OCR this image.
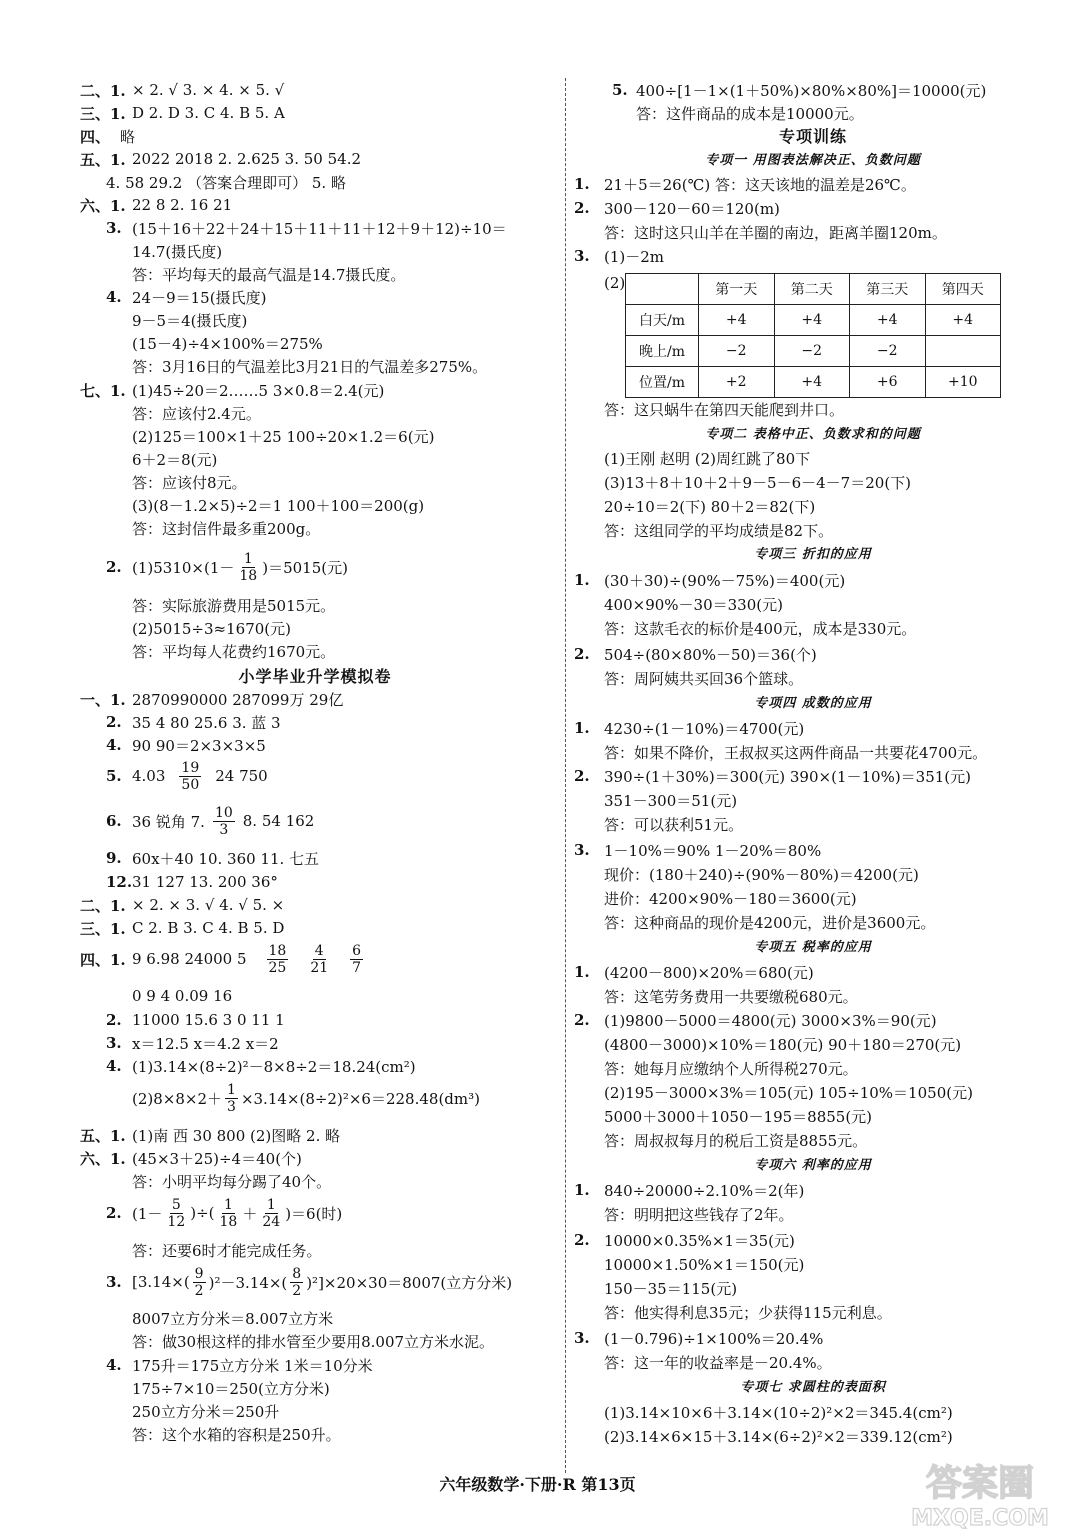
二、1. × 2. √ 3. × 4. × 5. √
三、1. D 2. D 3. C 4. B 5. A
四、 略
五、1. 2022 2018 2. 2.625 3. 50 54.2
4. 58 29.2 （答案合理即可） 5. 略
六、1. 22 8 2. 16 21
3. (15＋16＋22＋24＋15＋11＋11＋12＋9＋12)÷10＝
14.7(摄氏度)
答：平均每天的最高气温是14.7摄氏度。
4. 24－9＝15(摄氏度)
9－5＝4(摄氏度)
(15－4)÷4×100%＝275%
答：3月16日的气温差比3月21日的气温差多275%。
七、1. (1)45÷20＝2……5 3×0.8＝2.4(元)
答：应该付2.4元。
(2)125＝100×1＋25 100÷20×1.2＝6(元)
6＋2＝8(元)
答：应该付8元。
(3)(8－1.2×5)÷2＝1 100＋100＝200(g)
答：这封信件最多重200g。
2. $(1)5310\times(1- \frac{1}{18} )=5015$(元)
答：实际旅游费用是5015元。
(2)5015÷3≈1670(元)
答：平均每人花费约1670元。
小学毕业升学模拟卷
一、1. 2870990000 287099万 29亿
2. 35 4 80 25.6 3. 蓝 3
4. 90 90＝2×3×3×5
5. $4.03 \frac{19}{50} 24$ 750
6. 36 锐角 7. $\frac{10}{3} 8$. 54 162
9. 60x＋40 10. 360 11. 七五
12. 31 127 13. 200 36°
二、1. × 2. × 3. √ 4. √ 5. ×
三、1. C 2. B 3. C 4. B 5. D
四、1. 9 6.98 24000 $5 \frac{18}{25} \frac{4}{21} \frac{6}{7}$
0 9 4 0.09 16
2. 11000 15.6 3 0 11 1
3. x＝12.5 x＝4.2 x＝2
4. (1)3.14×(8÷2)²－8×8÷2＝18.24(cm²)
$(2)8\times 8\times 2+ \frac{1}{3} \times 3.14\times(8\div 2)^2\times 6=228.48(dm^3)$
五、1. (1)南 西 30 800 (2)图略 2. 略
六、1. (45×3＋25)÷4＝40(个)
答：小明平均每分踢了40个。
2. ($1- \frac{5}{12}$ )÷( $\frac{1}{18} + \frac{1}{24} )=6$(时)
答：还要6时才能完成任务。
3. $[3.14\times( \frac{9}{2} )^2-3.14\times( \frac{8}{2} )^2]\times 20\times 30=8007$(立方分米)
8007立方分米＝8.007立方米
答：做30根这样的排水管至少要用8.007立方米水泥。
4. 175升＝175立方分米 1米＝10分米
175÷7×10＝250(立方分米)
250立方分米＝250升
答：这个水箱的容积是250升。
5. 400÷[1－1×(1＋50%)×80%×80%]＝10000(元)
答：这件商品的成本是10000元。
专项训练
专项一 用图表法解决正、负数问题
1. 21＋5＝26(℃) 答：这天该地的温差是26℃。
2. 300－120－60＝120(m)
答：这时这只山羊在羊圈的南边，距离羊圈120m。
3. (1)－2m
(2)
		第一天	第二天	第三天	第四天
白天/m	+4	+4	+4	+4
晚上/m	−2	−2	−2	
位置/m	+2	+4	+6	+10
答：这只蜗牛在第四天能爬到井口。
专项二 表格中正、负数求和的问题
(1)王刚 赵明 (2)周红跳了80下
(3)13＋8＋10＋2＋9－5－6－4－7＝20(下)
20÷10＝2(下) 80＋2＝82(下)
答：这组同学的平均成绩是82下。
专项三 折扣的应用
1. (30＋30)÷(90%－75%)＝400(元)
400×90%－30＝330(元)
答：这款毛衣的标价是400元，成本是330元。
2. 504÷(80×80%－50)＝36(个)
答：周阿姨共买回36个篮球。
专项四 成数的应用
1. 4230÷(1－10%)＝4700(元)
答：如果不降价，王叔叔买这两件商品一共要花4700元。
2. 390÷(1＋30%)＝300(元) 390×(1－10%)＝351(元)
351－300＝51(元)
答：可以获利51元。
3. 1－10%＝90% 1－20%＝80%
现价：(180＋240)÷(90%－80%)＝4200(元)
进价：4200×90%－180＝3600(元)
答：这种商品的现价是4200元，进价是3600元。
专项五 税率的应用
1. (4200－800)×20%＝680(元)
答：这笔劳务费用一共要缴税680元。
2. (1)9800－5000＝4800(元) 3000×3%＝90(元)
(4800－3000)×10%＝180(元) 90＋180＝270(元)
答：她每月应缴纳个人所得税270元。
(2)195－3000×3%＝105(元) 105÷10%＝1050(元)
5000＋3000＋1050－195＝8855(元)
答：周叔叔每月的税后工资是8855元。
专项六 利率的应用
1. 840÷20000÷2.10%＝2(年)
答：明明把这些钱存了2年。
2. 10000×0.35%×1＝35(元)
10000×1.50%×1＝150(元)
150－35＝115(元)
答：他实得利息35元；少获得115元利息。
3. (1－0.796)÷1×100%＝20.4%
答：这一年的收益率是－20.4%。
专项七 求圆柱的表面积
(1)3.14×10×6＋3.14×(10÷2)²×2＝345.4(cm²)
(2)3.14×6×15＋3.14×(6÷2)²×2＝339.12(cm²)
六年级数学·下册·R 第13页	答案圈
MXQE.COM
